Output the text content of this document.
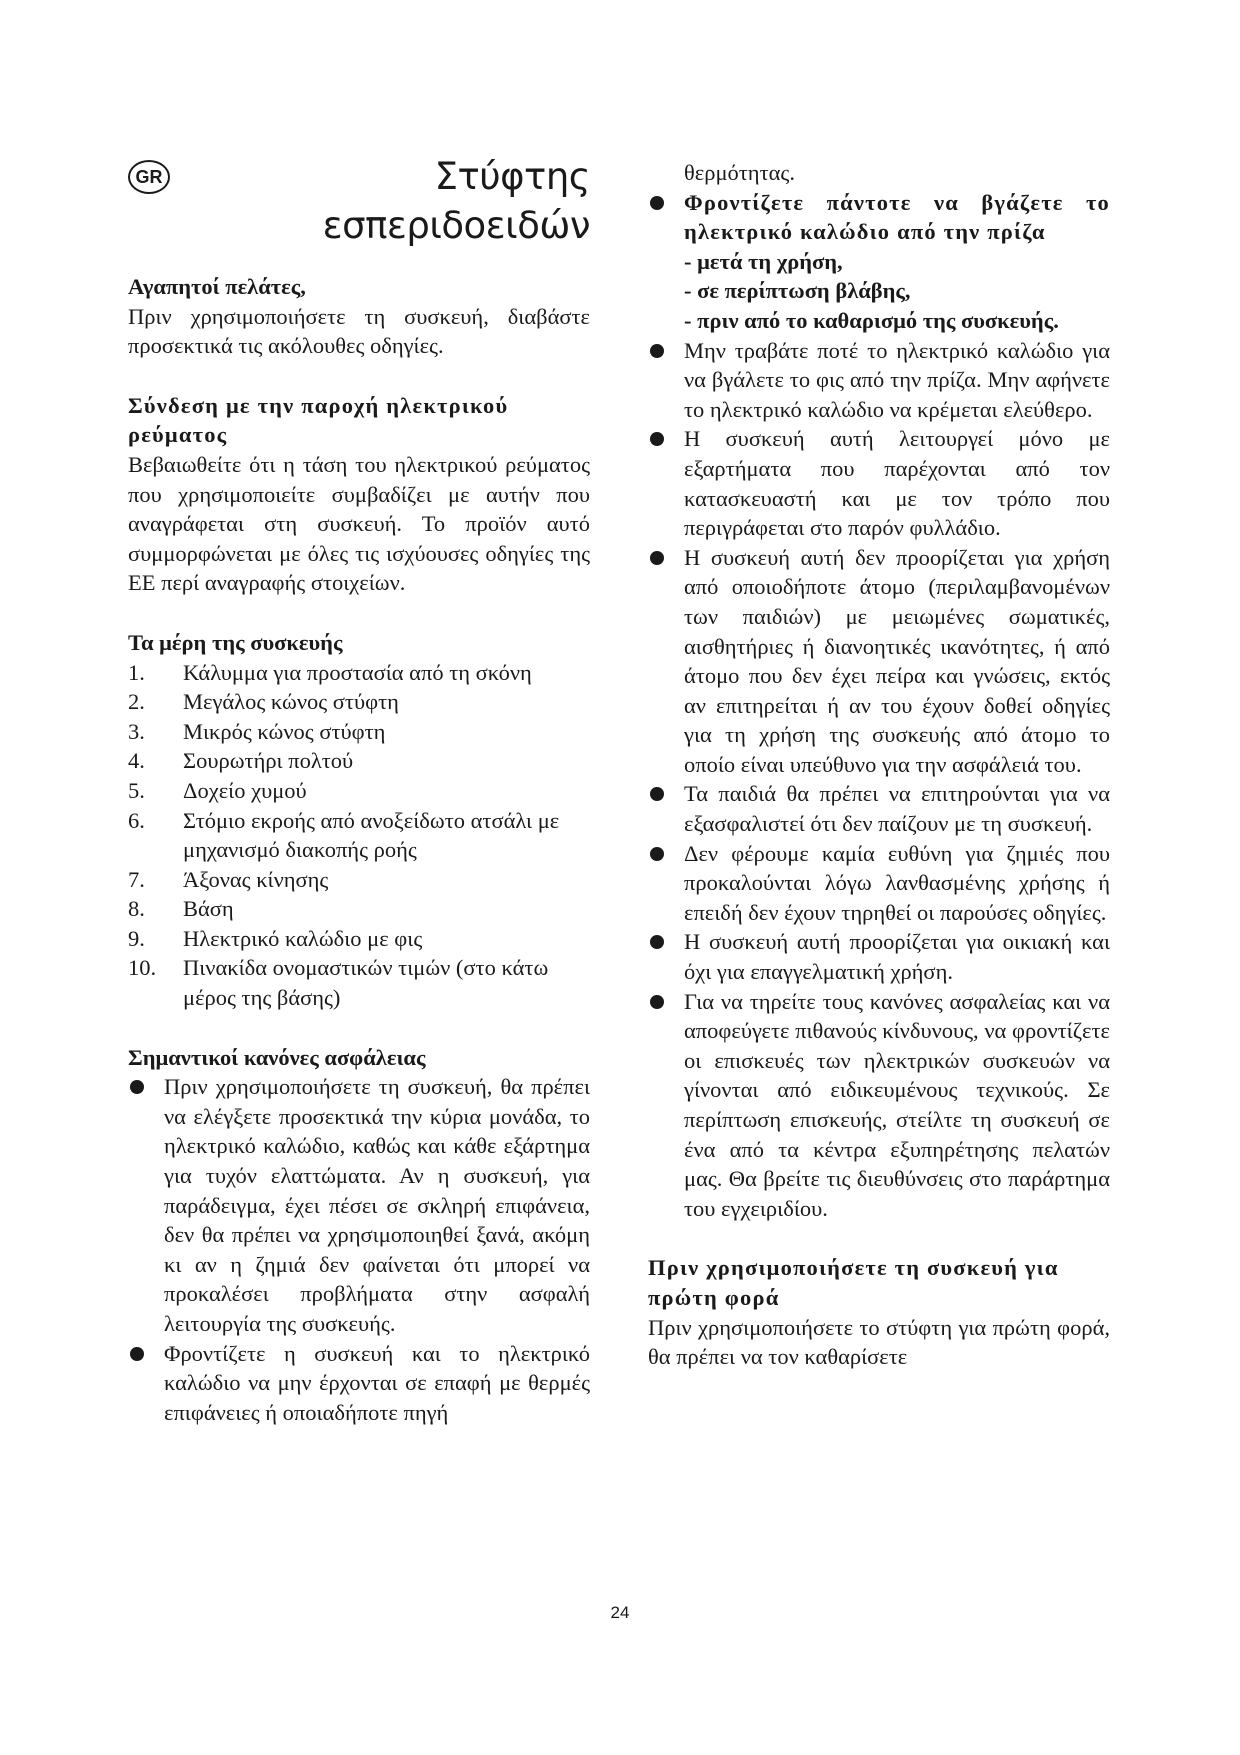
GR	Στύφτης
εσπεριδοειδών

Αγαπητοί πελάτες,

Πριν χρησιμοποιήσετε τη συσκευή, διαβάστε προσεκτικά τις ακόλουθες οδηγίες.

Σύνδεση με την παροχή ηλεκτρικού ρεύματος

Βεβαιωθείτε ότι η τάση του ηλεκτρικού ρεύματος που χρησιμοποιείτε συμβαδίζει με αυτήν που αναγράφεται στη συσκευή. Το προϊόν αυτό συμμορφώνεται με όλες τις ισχύουσες οδηγίες της ΕΕ περί αναγραφής στοιχείων.

Τα μέρη της συσκευής

1. Κάλυμμα για προστασία από τη σκόνη
2. Μεγάλος κώνος στύφτη
3. Μικρός κώνος στύφτη
4. Σουρωτήρι πολτού
5. Δοχείο χυμού
6. Στόμιο εκροής από ανοξείδωτο ατσάλι με μηχανισμό διακοπής ροής
7. Άξονας κίνησης
8. Βάση
9. Ηλεκτρικό καλώδιο με φις
10. Πινακίδα ονομαστικών τιμών (στο κάτω μέρος της βάσης)

Σημαντικοί κανόνες ασφάλειας

Πριν χρησιμοποιήσετε τη συσκευή, θα πρέπει να ελέγξετε προσεκτικά την κύρια μονάδα, το ηλεκτρικό καλώδιο, καθώς και κάθε εξάρτημα για τυχόν ελαττώματα. Αν η συσκευή, για παράδειγμα, έχει πέσει σε σκληρή επιφάνεια, δεν θα πρέπει να χρησιμοποιηθεί ξανά, ακόμη κι αν η ζημιά δεν φαίνεται ότι μπορεί να προκαλέσει προβλήματα στην ασφαλή λειτουργία της συσκευής.
Φροντίζετε η συσκευή και το ηλεκτρικό καλώδιο να μην έρχονται σε επαφή με θερμές επιφάνειες ή οποιαδήποτε πηγή
θερμότητας.
Φροντίζετε πάντοτε να βγάζετε το ηλεκτρικό καλώδιο από την πρίζα
- μετά τη χρήση,
- σε περίπτωση βλάβης,
- πριν από το καθαρισμό της συσκευής.
Μην τραβάτε ποτέ το ηλεκτρικό καλώδιο για να βγάλετε το φις από την πρίζα. Μην αφήνετε το ηλεκτρικό καλώδιο να κρέμεται ελεύθερο.
Η συσκευή αυτή λειτουργεί μόνο με εξαρτήματα που παρέχονται από τον κατασκευαστή και με τον τρόπο που περιγράφεται στο παρόν φυλλάδιο.
Η συσκευή αυτή δεν προορίζεται για χρήση από οποιοδήποτε άτομο (περιλαμβανομένων των παιδιών) με μειωμένες σωματικές, αισθητήριες ή διανοητικές ικανότητες, ή από άτομο που δεν έχει πείρα και γνώσεις, εκτός αν επιτηρείται ή αν του έχουν δοθεί οδηγίες για τη χρήση της συσκευής από άτομο το οποίο είναι υπεύθυνο για την ασφάλειά του.
Τα παιδιά θα πρέπει να επιτηρούνται για να εξασφαλιστεί ότι δεν παίζουν με τη συσκευή.
Δεν φέρουμε καμία ευθύνη για ζημιές που προκαλούνται λόγω λανθασμένης χρήσης ή επειδή δεν έχουν τηρηθεί οι παρούσες οδηγίες.
Η συσκευή αυτή προορίζεται για οικιακή και όχι για επαγγελματική χρήση.
Για να τηρείτε τους κανόνες ασφαλείας και να αποφεύγετε πιθανούς κίνδυνους, να φροντίζετε οι επισκευές των ηλεκτρικών συσκευών να γίνονται από ειδικευμένους τεχνικούς. Σε περίπτωση επισκευής, στείλτε τη συσκευή σε ένα από τα κέντρα εξυπηρέτησης πελατών μας. Θα βρείτε τις διευθύνσεις στο παράρτημα του εγχειριδίου.

Πριν χρησιμοποιήσετε τη συσκευή για πρώτη φορά

Πριν χρησιμοποιήσετε το στύφτη για πρώτη φορά, θα πρέπει να τον καθαρίσετε

24
